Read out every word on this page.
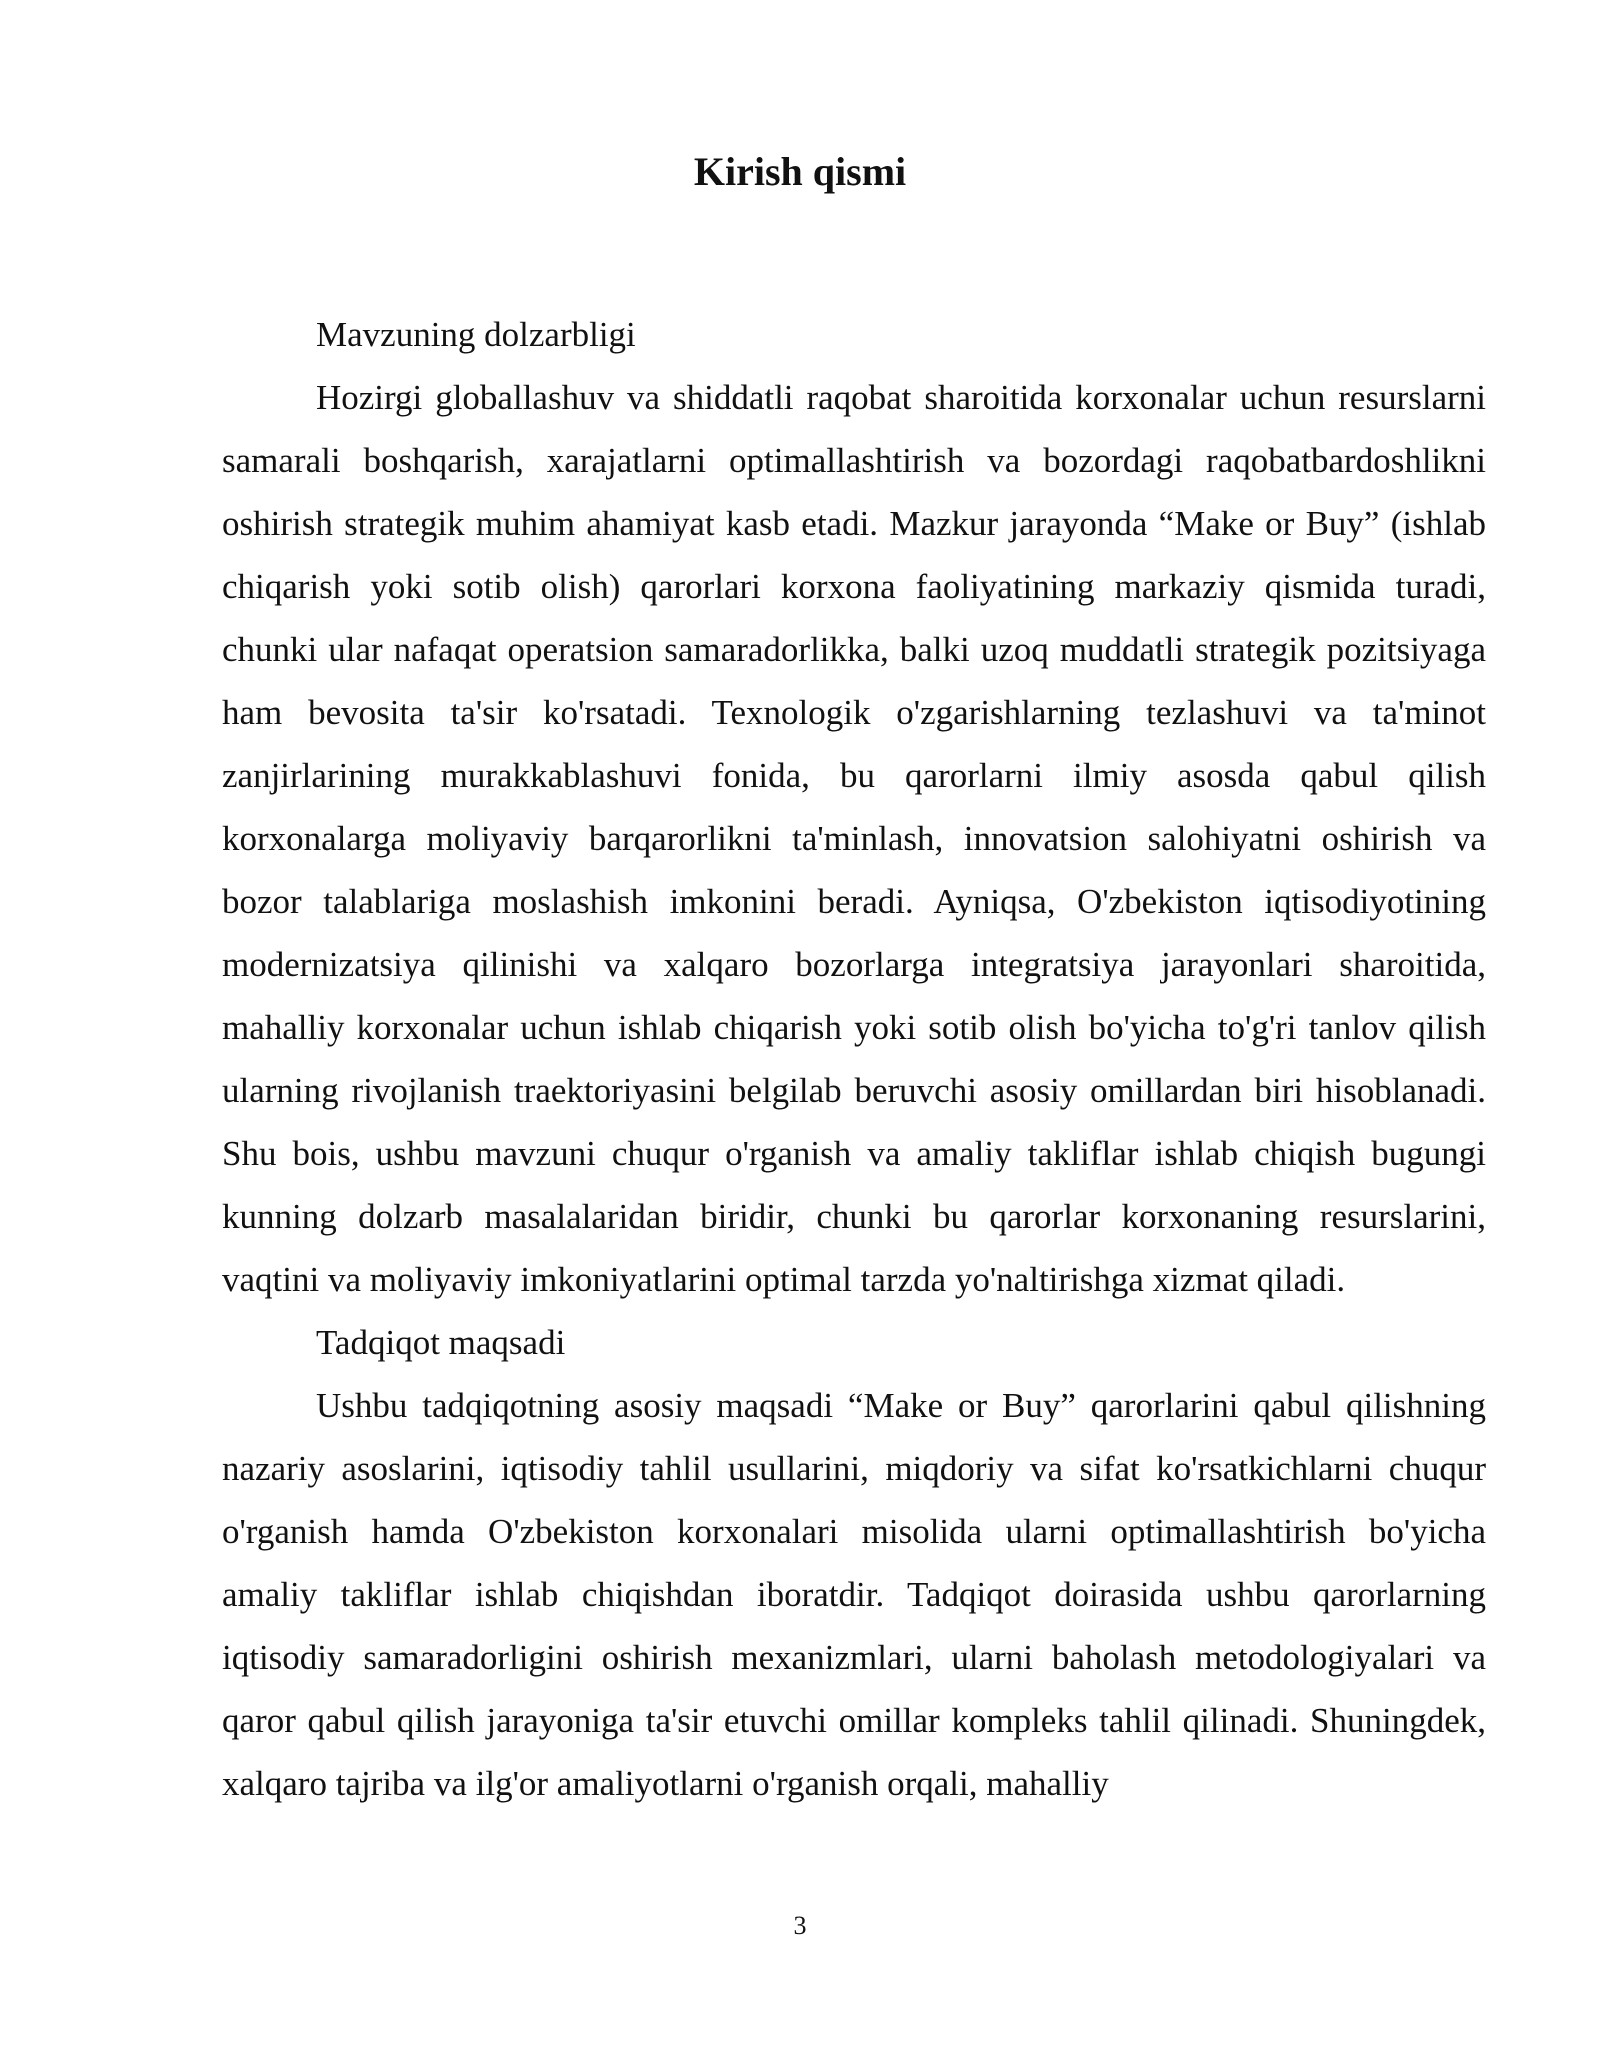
Kirish qismi

Mavzuning dolzarbligi

Hozirgi globallashuv va shiddatli raqobat sharoitida korxonalar uchun resurslarni samarali boshqarish, xarajatlarni optimallashtirish va bozordagi raqobatbardoshlikni oshirish strategik muhim ahamiyat kasb etadi. Mazkur jarayonda “Make or Buy” (ishlab chiqarish yoki sotib olish) qarorlari korxona faoliyatining markaziy qismida turadi, chunki ular nafaqat operatsion samaradorlikka, balki uzoq muddatli strategik pozitsiyaga ham bevosita ta'sir ko'rsatadi. Texnologik o'zgarishlarning tezlashuvi va ta'minot zanjirlarining murakkablashuvi fonida, bu qarorlarni ilmiy asosda qabul qilish korxonalarga moliyaviy barqarorlikni ta'minlash, innovatsion salohiyatni oshirish va bozor talablariga moslashish imkonini beradi. Ayniqsa, O'zbekiston iqtisodiyotining modernizatsiya qilinishi va xalqaro bozorlarga integratsiya jarayonlari sharoitida, mahalliy korxonalar uchun ishlab chiqarish yoki sotib olish bo'yicha to'g'ri tanlov qilish ularning rivojlanish traektoriyasini belgilab beruvchi asosiy omillardan biri hisoblanadi. Shu bois, ushbu mavzuni chuqur o'rganish va amaliy takliflar ishlab chiqish bugungi kunning dolzarb masalalaridan biridir, chunki bu qarorlar korxonaning resurslarini, vaqtini va moliyaviy imkoniyatlarini optimal tarzda yo'naltirishga xizmat qiladi.

Tadqiqot maqsadi

Ushbu tadqiqotning asosiy maqsadi “Make or Buy” qarorlarini qabul qilishning nazariy asoslarini, iqtisodiy tahlil usullarini, miqdoriy va sifat ko'rsatkichlarni chuqur o'rganish hamda O'zbekiston korxonalari misolida ularni optimallashtirish bo'yicha amaliy takliflar ishlab chiqishdan iboratdir. Tadqiqot doirasida ushbu qarorlarning iqtisodiy samaradorligini oshirish mexanizmlari, ularni baholash metodologiyalari va qaror qabul qilish jarayoniga ta'sir etuvchi omillar kompleks tahlil qilinadi. Shuningdek, xalqaro tajriba va ilg'or amaliyotlarni o'rganish orqali, mahalliy

3
